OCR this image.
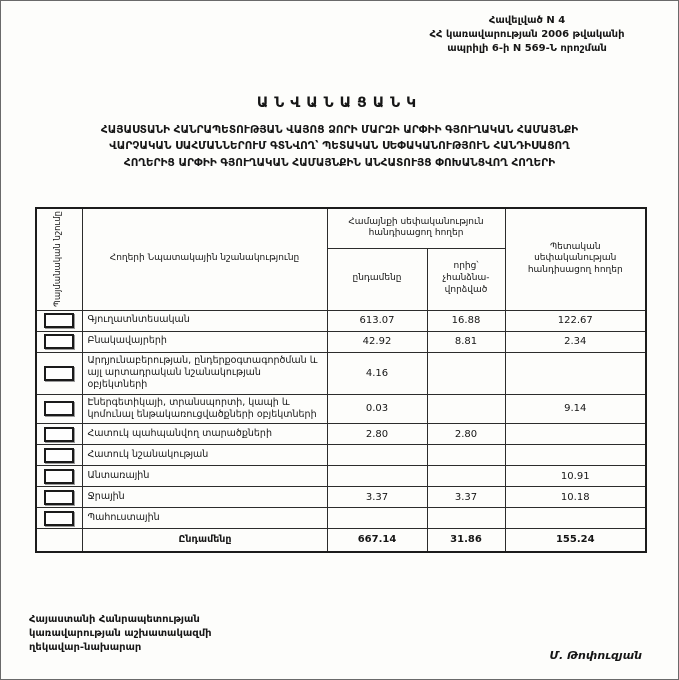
Հավելված N 4
ՀՀ կառավարության 2006 թվականի
ապրիլի 6-ի N 569-Ն որոշման
ԱՆՎԱՆԱՑԱՆԿ
ՀԱՅԱՍՏԱՆԻ ՀԱՆՐԱՊԵՏՈՒԹՅԱՆ ՎԱՅՈՑ ՁՈՐԻ ՄԱՐԶԻ ԱՐՓԻԻ ԳՅՈՒՂԱԿԱՆ ՀԱՄԱՅՆՔԻ
ՎԱՐՉԱԿԱՆ ՍԱՀՄԱՆՆԵՐՈՒՄ ԳՏՆՎՈՂ՝ ՊԵՏԱԿԱՆ ՍԵՓԱԿԱՆՈՒԹՅՈՒՆ ՀԱՆԴԻՍԱՑՈՂ
ՀՈՂԵՐԻՑ ԱՐՓԻԻ ԳՅՈՒՂԱԿԱՆ ՀԱՄԱՅՆՔԻՆ ԱՆՀԱՏՈՒՅՑ ՓՈԽԱՆՑՎՈՂ ՀՈՂԵՐԻ
Պայմանական նշումը	Հողերի Նպատակային նշանակությունը	Համայնքի սեփականություն հանդիսացող հողեր		Պետական սեփականության հանդիսացող հողեր
		ընդամենը	որից՝ չհանձնա-վորձված	

	Գյուղատնտեսական	613.07	16.88	122.67

	Բնակավայրերի	42.92	8.81	2.34

	Արդյունաբերության, ընդերքօգտագործման և այլ արտադրական նշանակության օբյեկտների	4.16		

	Էներգետիկայի, տրանսպորտի, կապի և կոմունալ ենթակառուցվածքների օբյեկտների	0.03		9.14

	Հատուկ պահպանվող տարածքների	2.80	2.80	

	Հատուկ նշանակության			

	Անտառային			10.91

	Ջրային	3.37	3.37	10.18

	Պահուստային			
	Ընդամենը	667.14	31.86	155.24
Հայաստանի Հանրապետության
կառավարության աշխատակազմի
ղեկավար-նախարար
Մ. Թոփուզյան
